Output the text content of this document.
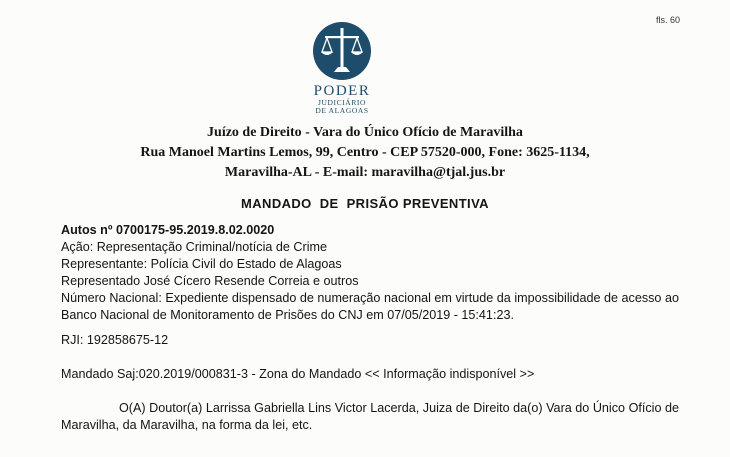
fls. 60
PODER
JUDICIÁRIO
DE ALAGOAS
Juízo de Direito - Vara do Único Ofício de Maravilha
Rua Manoel Martins Lemos, 99, Centro - CEP 57520-000, Fone: 3625-1134,
Maravilha-AL - E-mail: maravilha@tjal.jus.br
MANDADO  DE  PRISÃO PREVENTIVA
Autos nº 0700175-95.2019.8.02.0020
Ação: Representação Criminal/notícia de Crime
Representante: Polícia Civil do Estado de Alagoas
Representado José Cícero Resende Correia e outros
Número Nacional: Expediente dispensado de numeração nacional em virtude da impossibilidade de acesso ao Banco Nacional de Monitoramento de Prisões do CNJ em 07/05/2019 - 15:41:23.
RJI: 192858675-12
Mandado Saj:020.2019/000831-3 - Zona do Mandado << Informação indisponível >>
O(A) Doutor(a) Larrissa Gabriella Lins Victor Lacerda, Juiza de Direito da(o) Vara do Único Ofício de Maravilha, da Maravilha, na forma da lei, etc.
